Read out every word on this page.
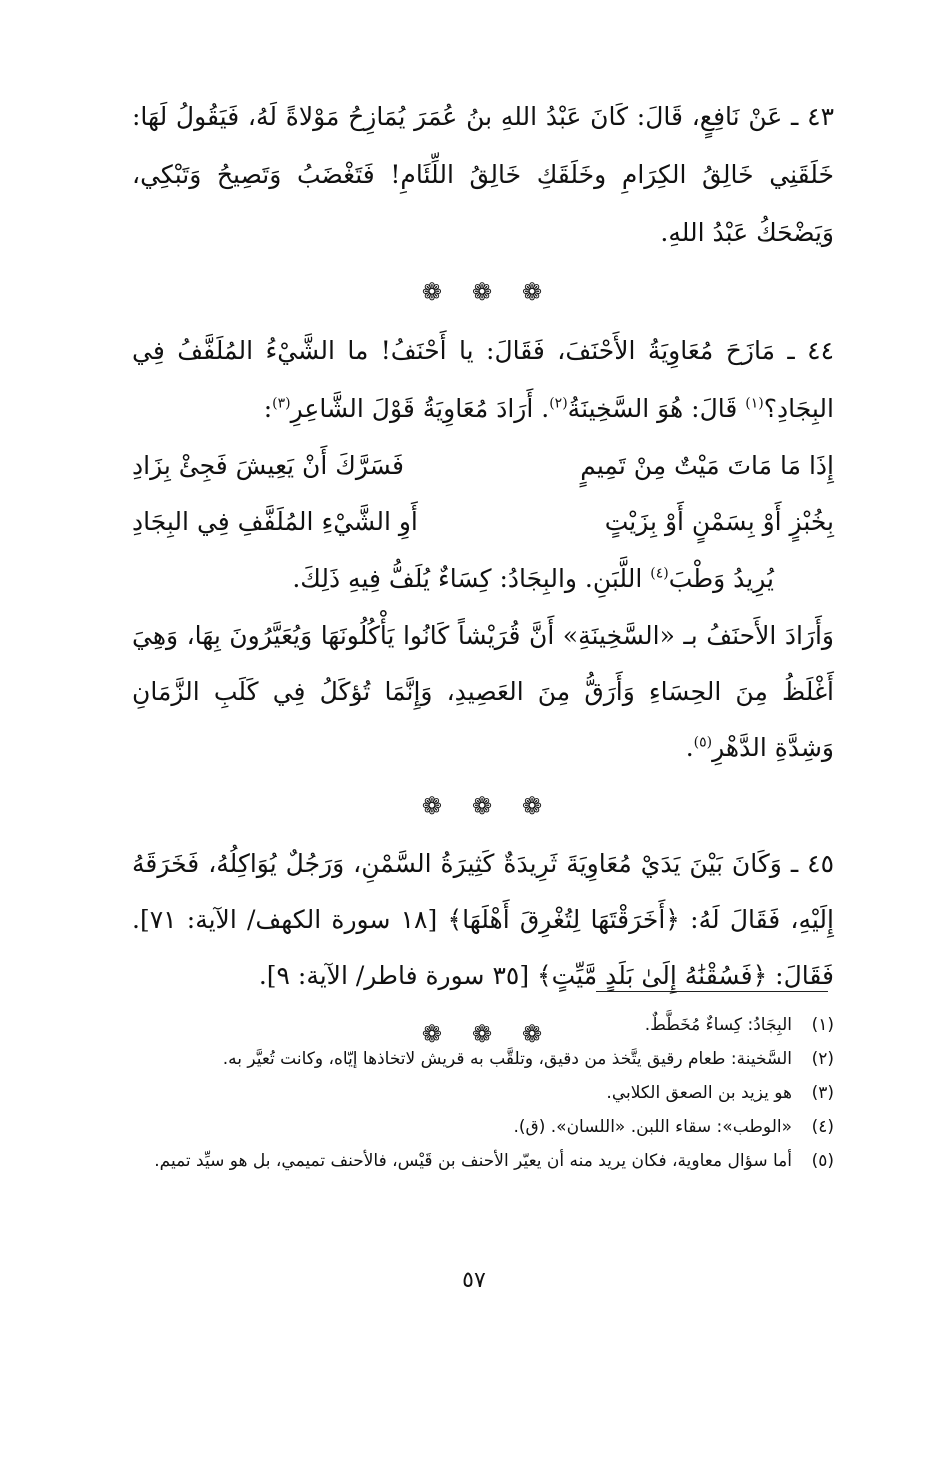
٤٣ ـ عَنْ نَافِعٍ، قَالَ: كَانَ عَبْدُ اللهِ بنُ عُمَرَ يُمَازِحُ مَوْلاةً لَهُ، فَيَقُولُ لَهَا: خَلَقَنِي خَالِقُ الكِرَامِ وخَلَقَكِ خَالِقُ اللِّئَامِ! فَتَغْضَبُ وَتَصِيحُ وَتَبْكِي، وَيَضْحَكُ عَبْدُ اللهِ.

❁ ❁ ❁

٤٤ ـ مَازَحَ مُعَاوِيَةُ الأَحْنَفَ، فَقَالَ: يا أَحْنَفُ! ما الشَّيْءُ المُلَفَّفُ فِي البِجَادِ؟$^{(١)}$ قَالَ: هُوَ السَّخِينَةُ$^{(٢)}$. أَرَادَ مُعَاوِيَةُ قَوْلَ الشَّاعِرِ$^{(٣)}$:

إِذَا مَا مَاتَ مَيْتٌ مِنْ تَمِيمٍ
فَسَرَّكَ أَنْ يَعِيشَ فَجِئْ بِزَادِ
بِخُبْزٍ أَوْ بِسَمْنٍ أَوْ بِزَيْتٍ
أَوِ الشَّيْءِ المُلَفَّفِ فِي البِجَادِ

يُرِيدُ وَطْبَ$^{(٤)}$ اللَّبَنِ. والبِجَادُ: كِسَاءٌ يُلَفُّ فِيهِ ذَلِكَ.

وَأَرَادَ الأَحنَفُ بـ «السَّخِينَةِ» أَنَّ قُرَيْشاً كَانُوا يَأْكُلُونَهَا وَيُعَيَّرُونَ بِهَا، وَهِيَ أَغْلَظُ مِنَ الحِسَاءِ وَأَرَقُّ مِنَ العَصِيدِ، وَإِنَّمَا تُؤكَلُ فِي كَلَبِ الزَّمَانِ وَشِدَّةِ الدَّهْرِ$^{(٥)}$.

❁ ❁ ❁

٤٥ ـ وَكَانَ بَيْنَ يَدَيْ مُعَاوِيَةَ ثَرِيدَةٌ كَثِيرَةُ السَّمْنِ، وَرَجُلٌ يُوَاكِلُهُ، فَخَرَقَهُ إِلَيْهِ، فَقَالَ لَهُ: ﴿أَخَرَقْتَهَا لِتُغْرِقَ أَهْلَهَا﴾ [١٨ سورة الكهف/ الآية: ٧١]. فَقَالَ: ﴿فَسُقْنَٰهُ إِلَىٰ بَلَدٍ مَّيِّتٍ﴾ [٣٥ سورة فاطر/ الآية: ٩].

❁ ❁ ❁	(١)
البِجَادُ: كِساءٌ مُخَطَّطٌ.
(٢)
السَّخينة: طعام رقيق يتَّخذ من دقيق، وتلقَّب به قريش لاتخاذها إيّاه، وكانت تُعيَّر به.
(٣)
هو يزيد بن الصعق الكلابي.
(٤)
«الوطب»: سقاء اللبن. «اللسان». (ق).
(٥)
أما سؤال معاوية، فكان يريد منه أن يعيّر الأحنف بن قَيْس، فالأحنف تميمي، بل هو سيِّد تميم.
٥٧
